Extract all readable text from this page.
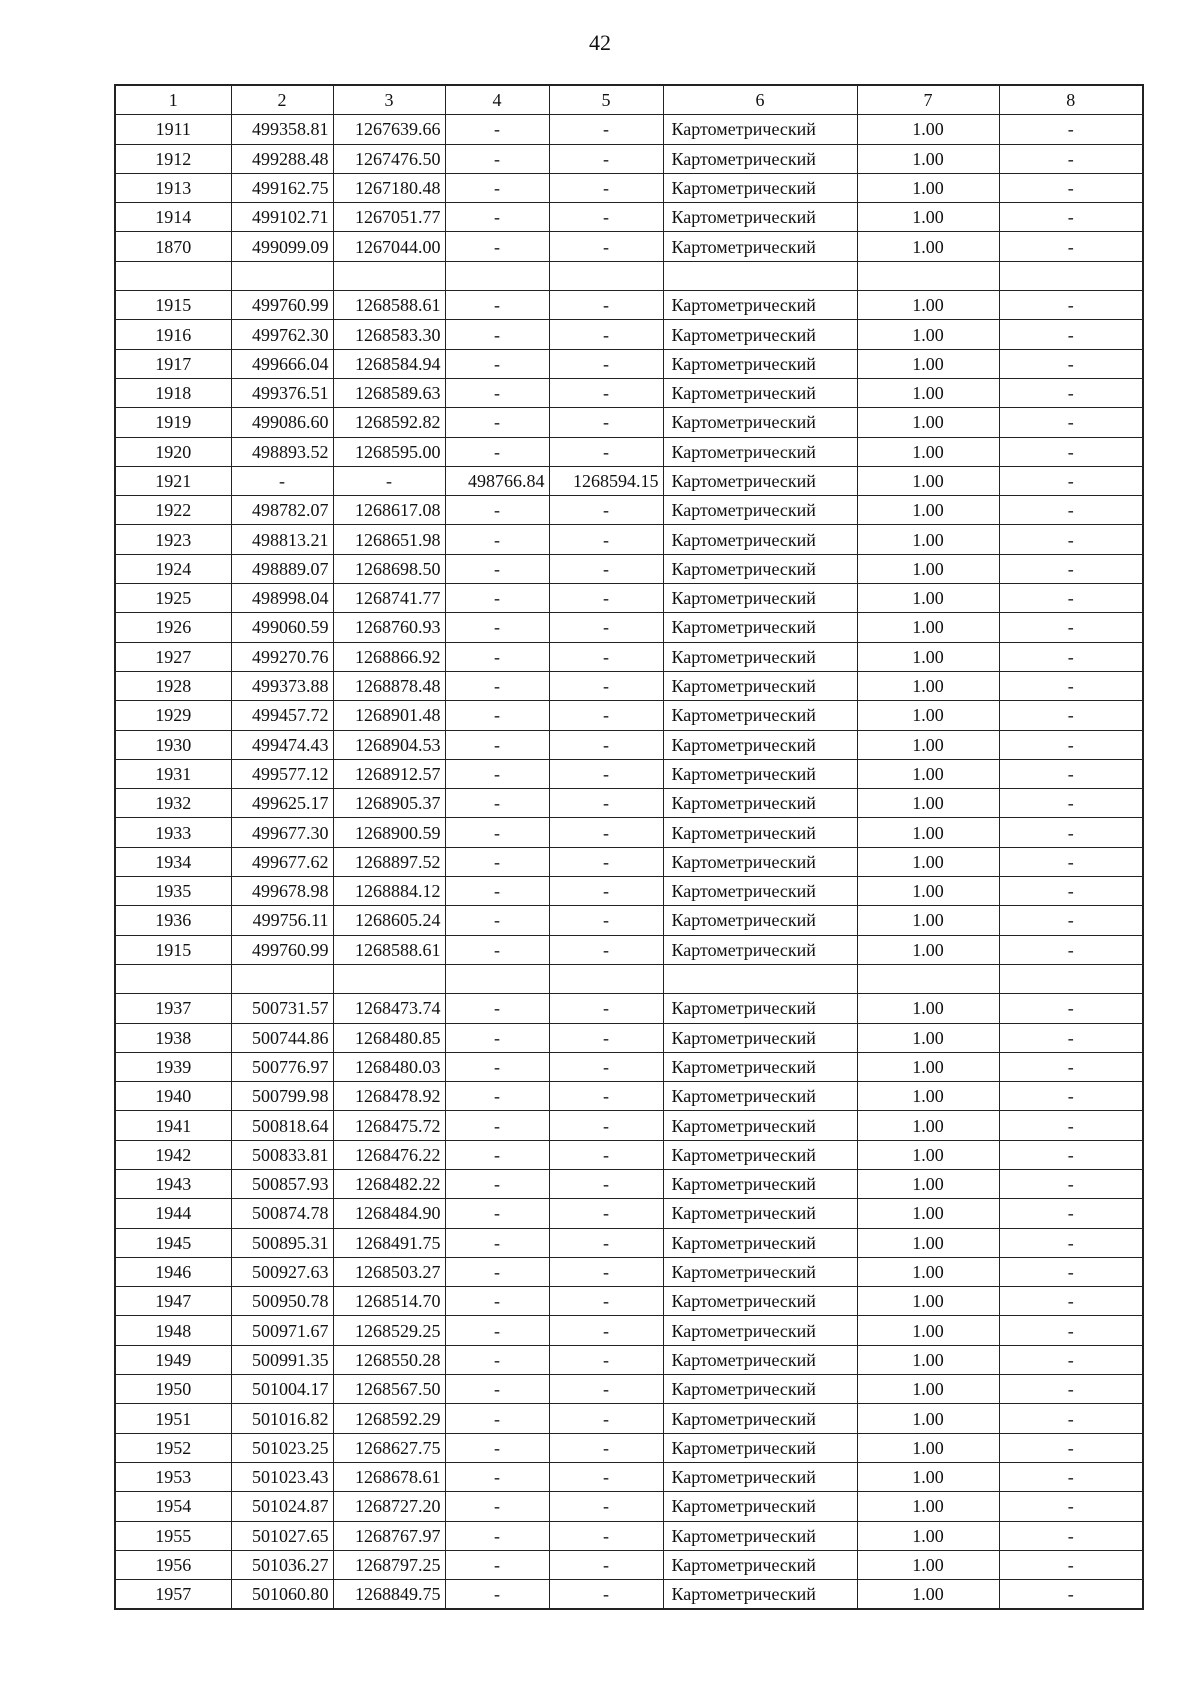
42
1	2	3	4	5	6	7	8
1911	499358.81	1267639.66	-	-	Картометрический	1.00	-
1912	499288.48	1267476.50	-	-	Картометрический	1.00	-
1913	499162.75	1267180.48	-	-	Картометрический	1.00	-
1914	499102.71	1267051.77	-	-	Картометрический	1.00	-
1870	499099.09	1267044.00	-	-	Картометрический	1.00	-

1915	499760.99	1268588.61	-	-	Картометрический	1.00	-
1916	499762.30	1268583.30	-	-	Картометрический	1.00	-
1917	499666.04	1268584.94	-	-	Картометрический	1.00	-
1918	499376.51	1268589.63	-	-	Картометрический	1.00	-
1919	499086.60	1268592.82	-	-	Картометрический	1.00	-
1920	498893.52	1268595.00	-	-	Картометрический	1.00	-
1921	-	-	498766.84	1268594.15	Картометрический	1.00	-
1922	498782.07	1268617.08	-	-	Картометрический	1.00	-
1923	498813.21	1268651.98	-	-	Картометрический	1.00	-
1924	498889.07	1268698.50	-	-	Картометрический	1.00	-
1925	498998.04	1268741.77	-	-	Картометрический	1.00	-
1926	499060.59	1268760.93	-	-	Картометрический	1.00	-
1927	499270.76	1268866.92	-	-	Картометрический	1.00	-
1928	499373.88	1268878.48	-	-	Картометрический	1.00	-
1929	499457.72	1268901.48	-	-	Картометрический	1.00	-
1930	499474.43	1268904.53	-	-	Картометрический	1.00	-
1931	499577.12	1268912.57	-	-	Картометрический	1.00	-
1932	499625.17	1268905.37	-	-	Картометрический	1.00	-
1933	499677.30	1268900.59	-	-	Картометрический	1.00	-
1934	499677.62	1268897.52	-	-	Картометрический	1.00	-
1935	499678.98	1268884.12	-	-	Картометрический	1.00	-
1936	499756.11	1268605.24	-	-	Картометрический	1.00	-
1915	499760.99	1268588.61	-	-	Картометрический	1.00	-

1937	500731.57	1268473.74	-	-	Картометрический	1.00	-
1938	500744.86	1268480.85	-	-	Картометрический	1.00	-
1939	500776.97	1268480.03	-	-	Картометрический	1.00	-
1940	500799.98	1268478.92	-	-	Картометрический	1.00	-
1941	500818.64	1268475.72	-	-	Картометрический	1.00	-
1942	500833.81	1268476.22	-	-	Картометрический	1.00	-
1943	500857.93	1268482.22	-	-	Картометрический	1.00	-
1944	500874.78	1268484.90	-	-	Картометрический	1.00	-
1945	500895.31	1268491.75	-	-	Картометрический	1.00	-
1946	500927.63	1268503.27	-	-	Картометрический	1.00	-
1947	500950.78	1268514.70	-	-	Картометрический	1.00	-
1948	500971.67	1268529.25	-	-	Картометрический	1.00	-
1949	500991.35	1268550.28	-	-	Картометрический	1.00	-
1950	501004.17	1268567.50	-	-	Картометрический	1.00	-
1951	501016.82	1268592.29	-	-	Картометрический	1.00	-
1952	501023.25	1268627.75	-	-	Картометрический	1.00	-
1953	501023.43	1268678.61	-	-	Картометрический	1.00	-
1954	501024.87	1268727.20	-	-	Картометрический	1.00	-
1955	501027.65	1268767.97	-	-	Картометрический	1.00	-
1956	501036.27	1268797.25	-	-	Картометрический	1.00	-
1957	501060.80	1268849.75	-	-	Картометрический	1.00	-
